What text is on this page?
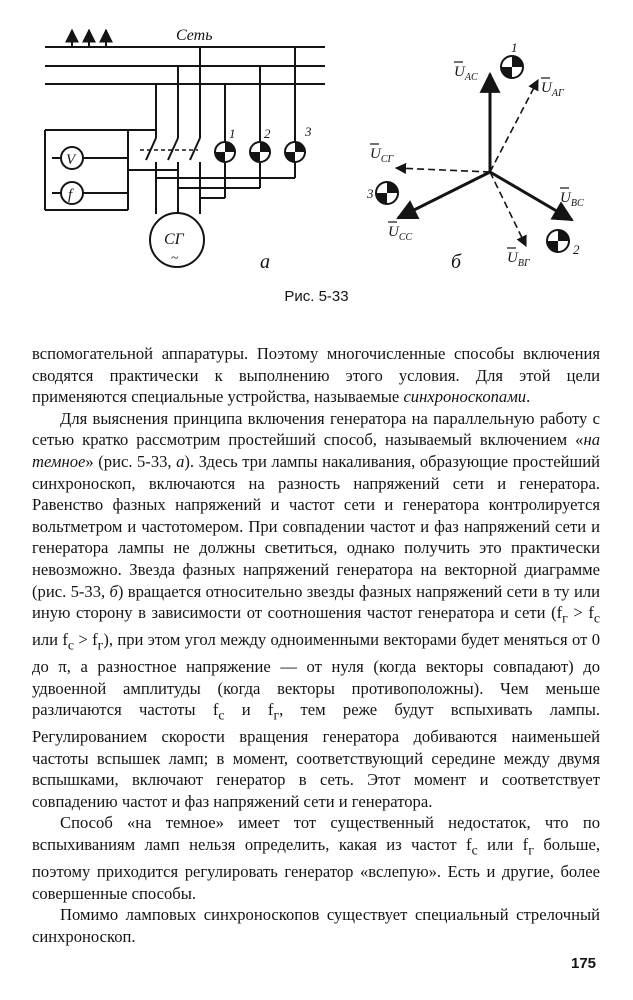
Сеть
V
f
СГ
~
1 2	3
а
1
2
3
$U_{AC}$
$U_{AГ}$
$U_{CГ}$
$U_{CC}$
$U_{BC}$
$U_{BГ}$
б
Рис. 5-33

вспомогательной аппаратуры. Поэтому многочисленные способы включения сводятся практически к выполнению этого условия. Для этой цели применяются специальные устройства, называемые синхроноскопами.

Для выяснения принципа включения генератора на параллельную работу с сетью кратко рассмотрим простейший способ, называемый включением «на темное» (рис. 5-33, а). Здесь три лампы накаливания, образующие простейший синхроноскоп, включаются на разность напряжений сети и генератора. Равенство фазных напряжений и частот сети и генератора контролируется вольтметром и частотомером. При совпадении частот и фаз напряжений сети и генератора лампы не должны светиться, однако получить это практически невозможно. Звезда фазных напряжений генератора на векторной диаграмме (рис. 5-33, б) вращается относительно звезды фазных напряжений сети в ту или иную сторону в зависимости от соотношения частот генератора и сети ($f_г > f_с$ или $f_с > f_г$), при этом угол между одноименными векторами будет меняться от 0 до π, а разностное напряжение — от нуля (когда векторы совпадают) до удвоенной амплитуды (когда векторы противоположны). Чем меньше различаются частоты $f_с$ и $f_г$, тем реже будут вспыхивать лампы. Регулированием скорости вращения генератора добиваются наименьшей частоты вспышек ламп; в момент, соответствующий середине между двумя вспышками, включают генератор в сеть. Этот момент и соответствует совпадению частот и фаз напряжений сети и генератора.

Способ «на темное» имеет тот существенный недостаток, что по вспыхиваниям ламп нельзя определить, какая из частот $f_с$ или $f_г$ больше, поэтому приходится регулировать генератор «вслепую». Есть и другие, более совершенные способы.

Помимо ламповых синхроноскопов существует специальный стрелочный синхроноскоп.

175
